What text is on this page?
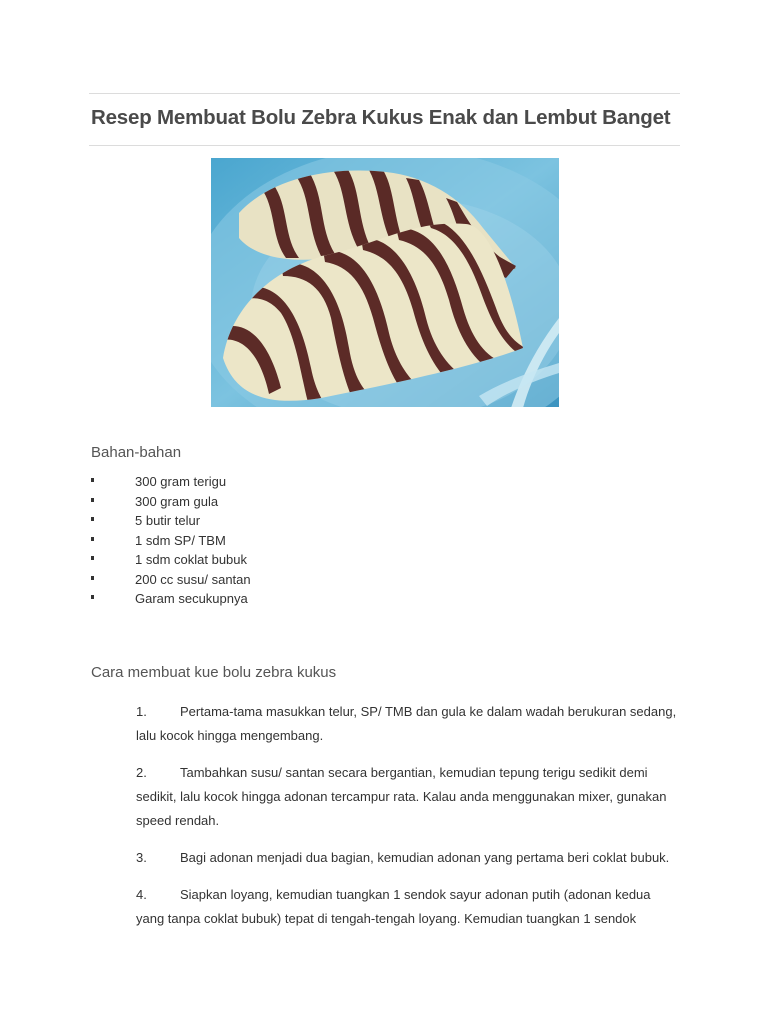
Resep Membuat Bolu Zebra Kukus Enak dan Lembut Banget
Bahan-bahan
300 gram terigu
300 gram gula
5 butir telur
1 sdm SP/ TBM
1 sdm coklat bubuk
200 cc susu/ santan
Garam secukupnya
Cara membuat kue bolu zebra kukus

1.	Pertama-tama masukkan telur, SP/ TMB dan gula ke dalam wadah berukuran sedang, lalu kocok hingga mengembang.

2.	Tambahkan susu/ santan secara bergantian, kemudian tepung terigu sedikit demi sedikit, lalu kocok hingga adonan tercampur rata. Kalau anda menggunakan mixer, gunakan speed rendah.

3.	Bagi adonan menjadi dua bagian, kemudian adonan yang pertama beri coklat bubuk.

4.	Siapkan loyang, kemudian tuangkan 1 sendok sayur adonan putih (adonan kedua yang tanpa coklat bubuk) tepat di tengah-tengah loyang. Kemudian tuangkan 1 sendok
